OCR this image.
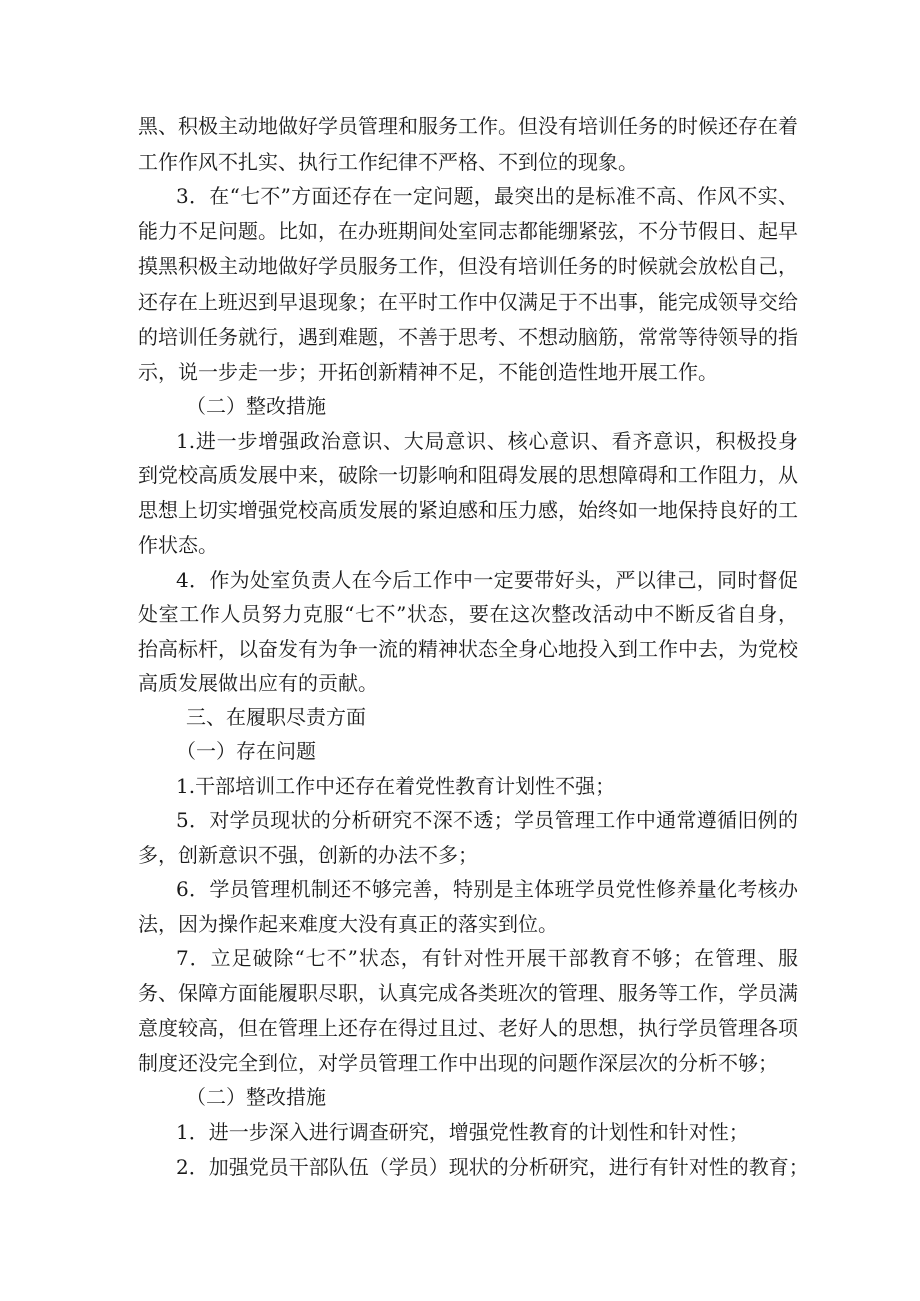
黑、积极主动地做好学员管理和服务工作。但没有培训任务的时候还存在着
工作作风不扎实、执行工作纪律不严格、不到位的现象。
3．在“七不”方面还存在一定问题，最突出的是标准不高、作风不实、
能力不足问题。比如，在办班期间处室同志都能绷紧弦，不分节假日、起早
摸黑积极主动地做好学员服务工作，但没有培训任务的时候就会放松自己，
还存在上班迟到早退现象；在平时工作中仅满足于不出事，能完成领导交给
的培训任务就行，遇到难题，不善于思考、不想动脑筋，常常等待领导的指
示，说一步走一步；开拓创新精神不足，不能创造性地开展工作。
（二）整改措施
1.进一步增强政治意识、大局意识、核心意识、看齐意识，积极投身
到党校高质发展中来，破除一切影响和阻碍发展的思想障碍和工作阻力，从
思想上切实增强党校高质发展的紧迫感和压力感，始终如一地保持良好的工
作状态。
4．作为处室负责人在今后工作中一定要带好头，严以律己，同时督促
处室工作人员努力克服“七不”状态，要在这次整改活动中不断反省自身，
抬高标杆，以奋发有为争一流的精神状态全身心地投入到工作中去，为党校
高质发展做出应有的贡献。
三、在履职尽责方面
（一）存在问题
1.干部培训工作中还存在着党性教育计划性不强；
5．对学员现状的分析研究不深不透；学员管理工作中通常遵循旧例的
多，创新意识不强，创新的办法不多；
6．学员管理机制还不够完善，特别是主体班学员党性修养量化考核办
法，因为操作起来难度大没有真正的落实到位。
7．立足破除“七不”状态，有针对性开展干部教育不够；在管理、服
务、保障方面能履职尽职，认真完成各类班次的管理、服务等工作，学员满
意度较高，但在管理上还存在得过且过、老好人的思想，执行学员管理各项
制度还没完全到位，对学员管理工作中出现的问题作深层次的分析不够；
（二）整改措施
1．进一步深入进行调查研究，增强党性教育的计划性和针对性；
2．加强党员干部队伍（学员）现状的分析研究，进行有针对性的教育；
